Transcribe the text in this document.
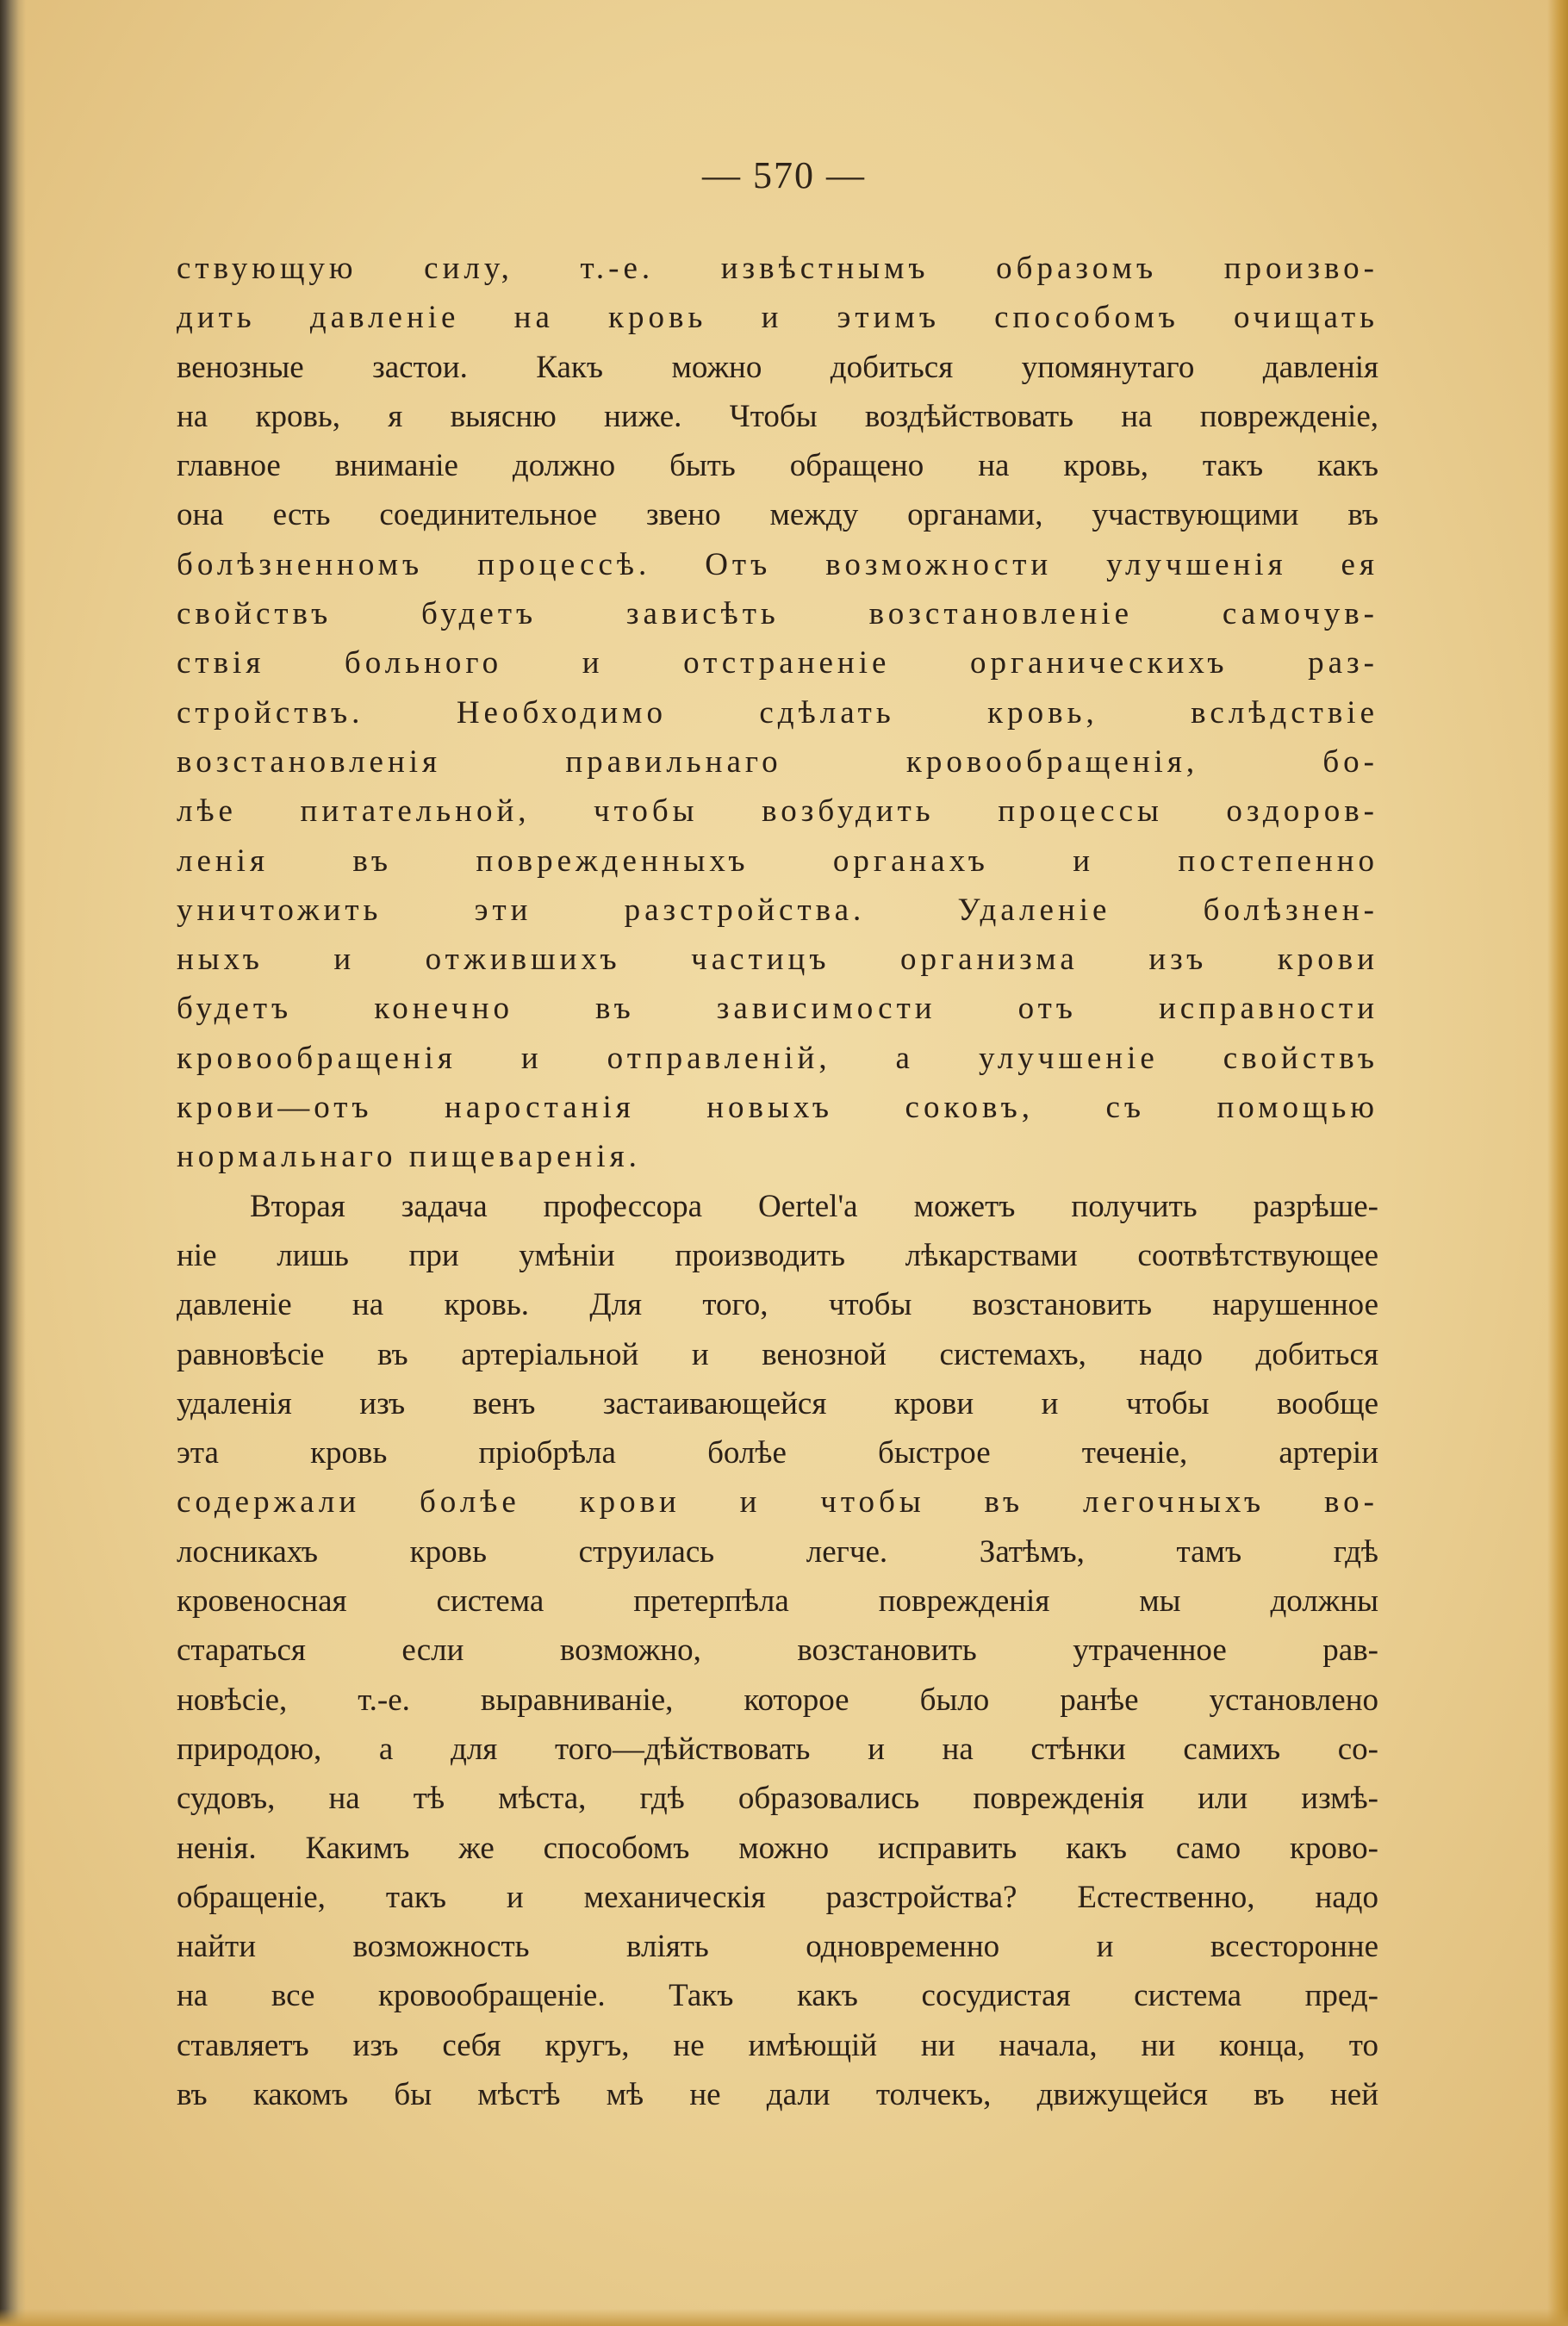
— 570 —
ствующую силу, т.-е. извѣстнымъ образомъ произво-
дить давленіе на кровь и этимъ способомъ очищать
венозные застои. Какъ можно добиться упомянутаго давленія
на кровь, я выясню ниже. Чтобы воздѣйствовать на поврежденіе,
главное вниманіе должно быть обращено на кровь, такъ какъ
она есть соединительное звено между органами, участвующими въ
болѣзненномъ процессѣ. Отъ возможности улучшенія ея
свойствъ будетъ зависѣть возстановленіе самочув-
ствія больного и отстраненіе органическихъ раз-
стройствъ. Необходимо сдѣлать кровь, вслѣдствіе
возстановленія правильнаго кровообращенія, бо-
лѣе питательной, чтобы возбудить процессы оздоров-
ленія въ поврежденныхъ органахъ и постепенно
уничтожить эти разстройства. Удаленіе болѣзнен-
ныхъ и отжившихъ частицъ организма изъ крови
будетъ конечно въ зависимости отъ исправности
кровообращенія и отправленій, а улучшеніе свойствъ
крови—отъ наростанія новыхъ соковъ, съ помощью
нормальнаго пищеваренія.
Вторая задача профессора Oertel'а можетъ получить разрѣше-
ніе лишь при умѣніи производить лѣкарствами соотвѣтствующее
давленіе на кровь. Для того, чтобы возстановить нарушенное
равновѣсіе въ артеріальной и венозной системахъ, надо добиться
удаленія изъ венъ застаивающейся крови и чтобы вообще
эта кровь пріобрѣла болѣе быстрое теченіе, артеріи
содержали болѣе крови и чтобы въ легочныхъ во-
лосникахъ кровь струилась легче. Затѣмъ, тамъ гдѣ
кровеносная система претерпѣла поврежденія мы должны
стараться если возможно, возстановить утраченное рав-
новѣсіе, т.-е. выравниваніе, которое было ранѣе установлено
природою, а для того—дѣйствовать и на стѣнки самихъ со-
судовъ, на тѣ мѣста, гдѣ образовались поврежденія или измѣ-
ненія. Какимъ же способомъ можно исправить какъ само крово-
обращеніе, такъ и механическія разстройства? Естественно, надо
найти возможность вліять одновременно и всесторонне
на все кровообращеніе. Такъ какъ сосудистая система пред-
ставляетъ изъ себя кругъ, не имѣющій ни начала, ни конца, то
въ какомъ бы мѣстѣ мѣ не дали толчекъ, движущейся въ ней
